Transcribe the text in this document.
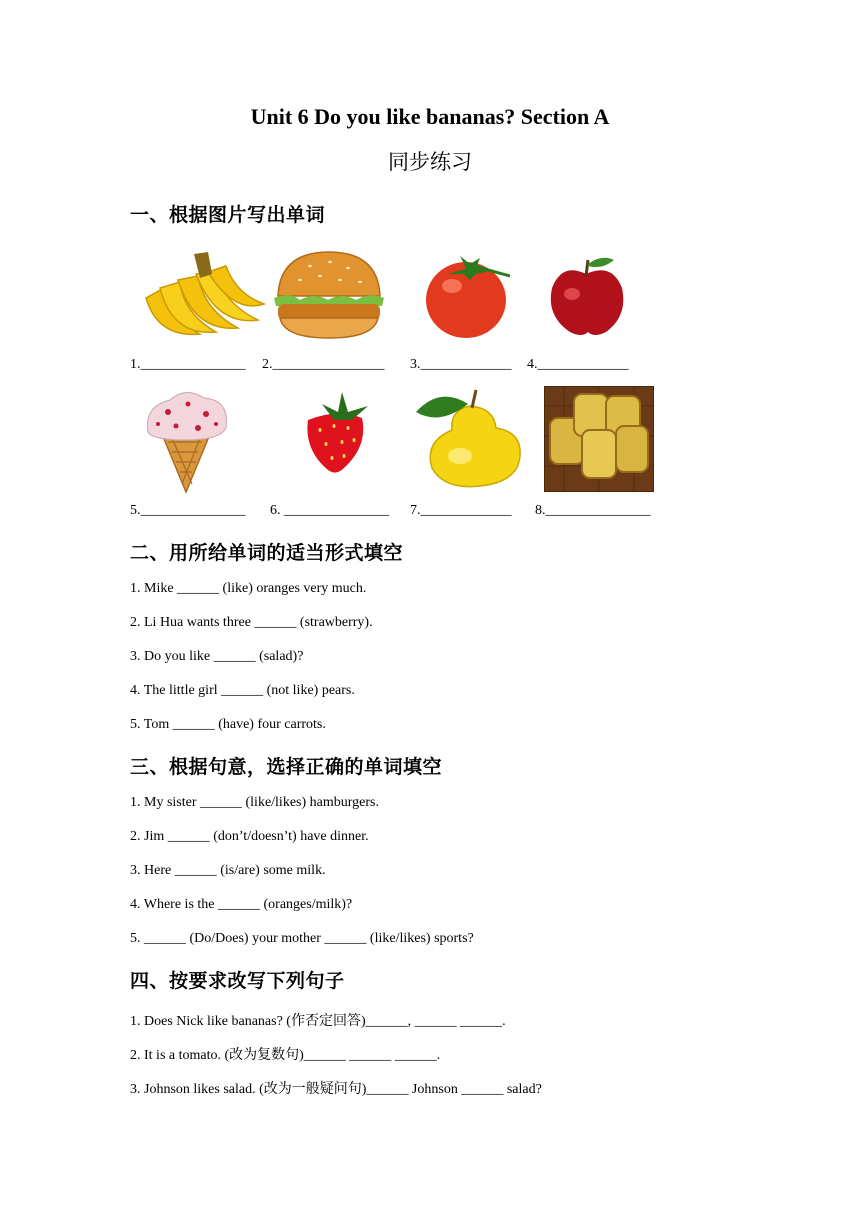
Unit 6 Do you like bananas? Section A
同步练习
一、根据图片写出单词
1._______________ 2.________________ 3._____________ 4._____________
5._______________ 6. _______________ 7._____________ 8._______________
二、用所给单词的适当形式填空
1. Mike ______ (like) oranges very much.
2. Li Hua wants three ______ (strawberry).
3. Do you like ______ (salad)?
4. The little girl ______ (not like) pears.
5. Tom ______ (have) four carrots.
三、根据句意，选择正确的单词填空
1. My sister ______ (like/likes) hamburgers.
2. Jim ______ (don’t/doesn’t) have dinner.
3. Here ______ (is/are) some milk.
4. Where is the ______ (oranges/milk)?
5. ______ (Do/Does) your mother ______ (like/likes) sports?
四、按要求改写下列句子
1. Does Nick like bananas? (作否定回答)______, ______ ______.
2. It is a tomato. (改为复数句)______ ______ ______.
3. Johnson likes salad. (改为一般疑问句)______ Johnson ______ salad?
